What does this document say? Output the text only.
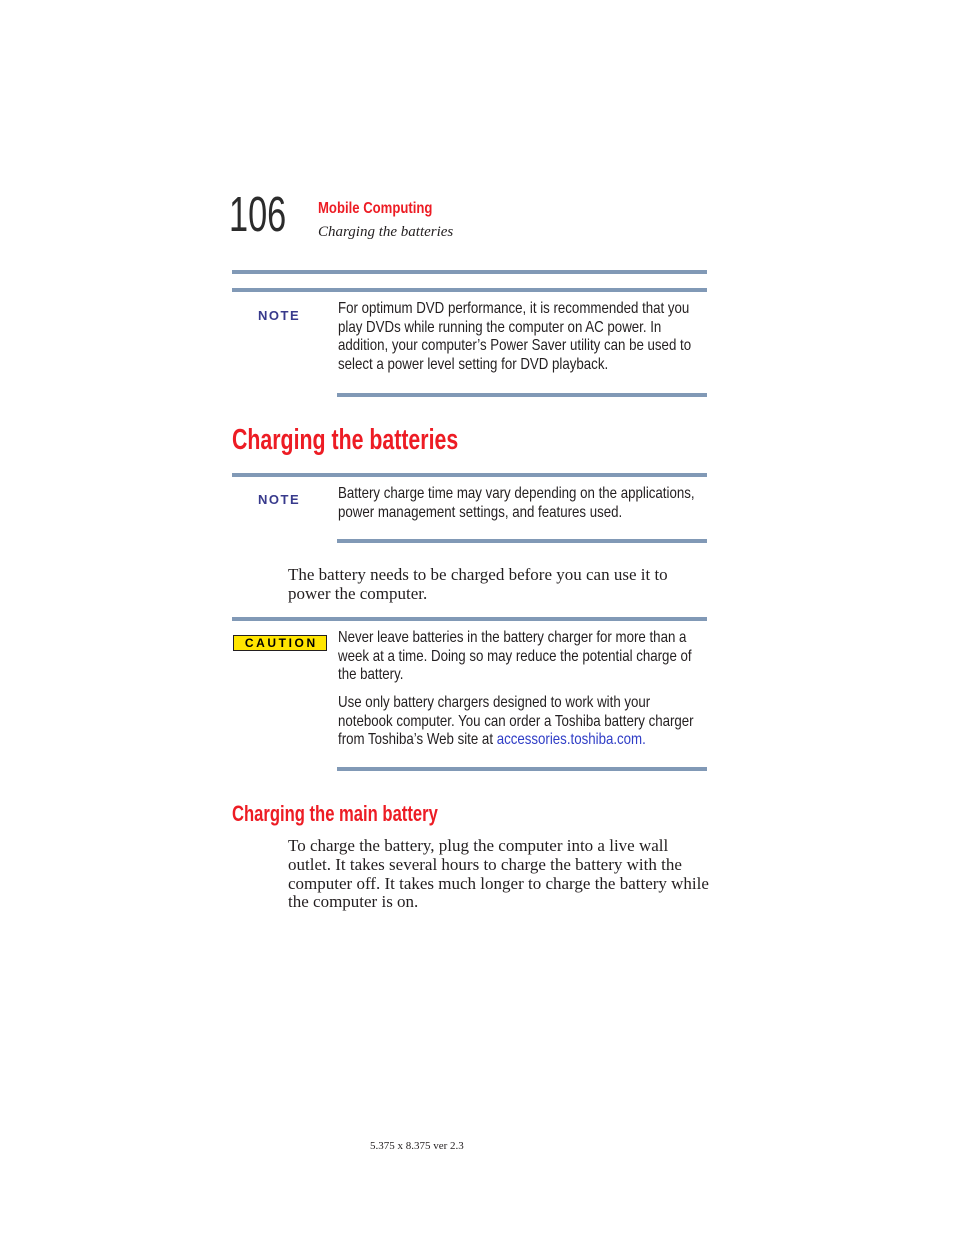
106 Mobile Computing
Charging the batteries
NOTE For optimum DVD performance, it is recommended that you
play DVDs while running the computer on AC power. In
addition, your computer’s Power Saver utility can be used to
select a power level setting for DVD playback.
Charging the batteries
NOTE Battery charge time may vary depending on the applications,
power management settings, and features used.
The battery needs to be charged before you can use it to
power the computer.
CAUTION	Never leave batteries in the battery charger for more than a
week at a time. Doing so may reduce the potential charge of
the battery.
Use only battery chargers designed to work with your
notebook computer. You can order a Toshiba battery charger
from Toshiba’s Web site at accessories.toshiba.com.
Charging the main battery
To charge the battery, plug the computer into a live wall
outlet. It takes several hours to charge the battery with the
computer off. It takes much longer to charge the battery while
the computer is on.
5.375 x 8.375 ver 2.3
